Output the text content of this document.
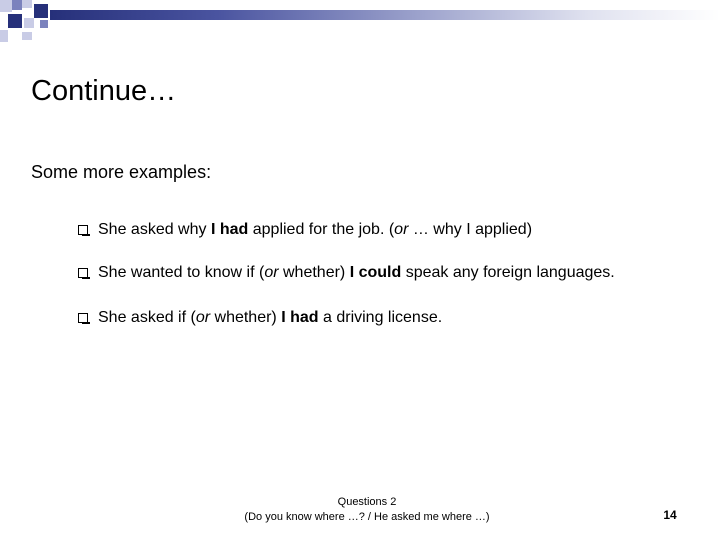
Continue…
Some more examples:
She asked why I had applied for the job. (or … why I applied)
She wanted to know if (or whether) I could speak any foreign languages.
She asked if (or whether) I had a driving license.
Questions 2
(Do you know where …? / He asked me where …)	14
